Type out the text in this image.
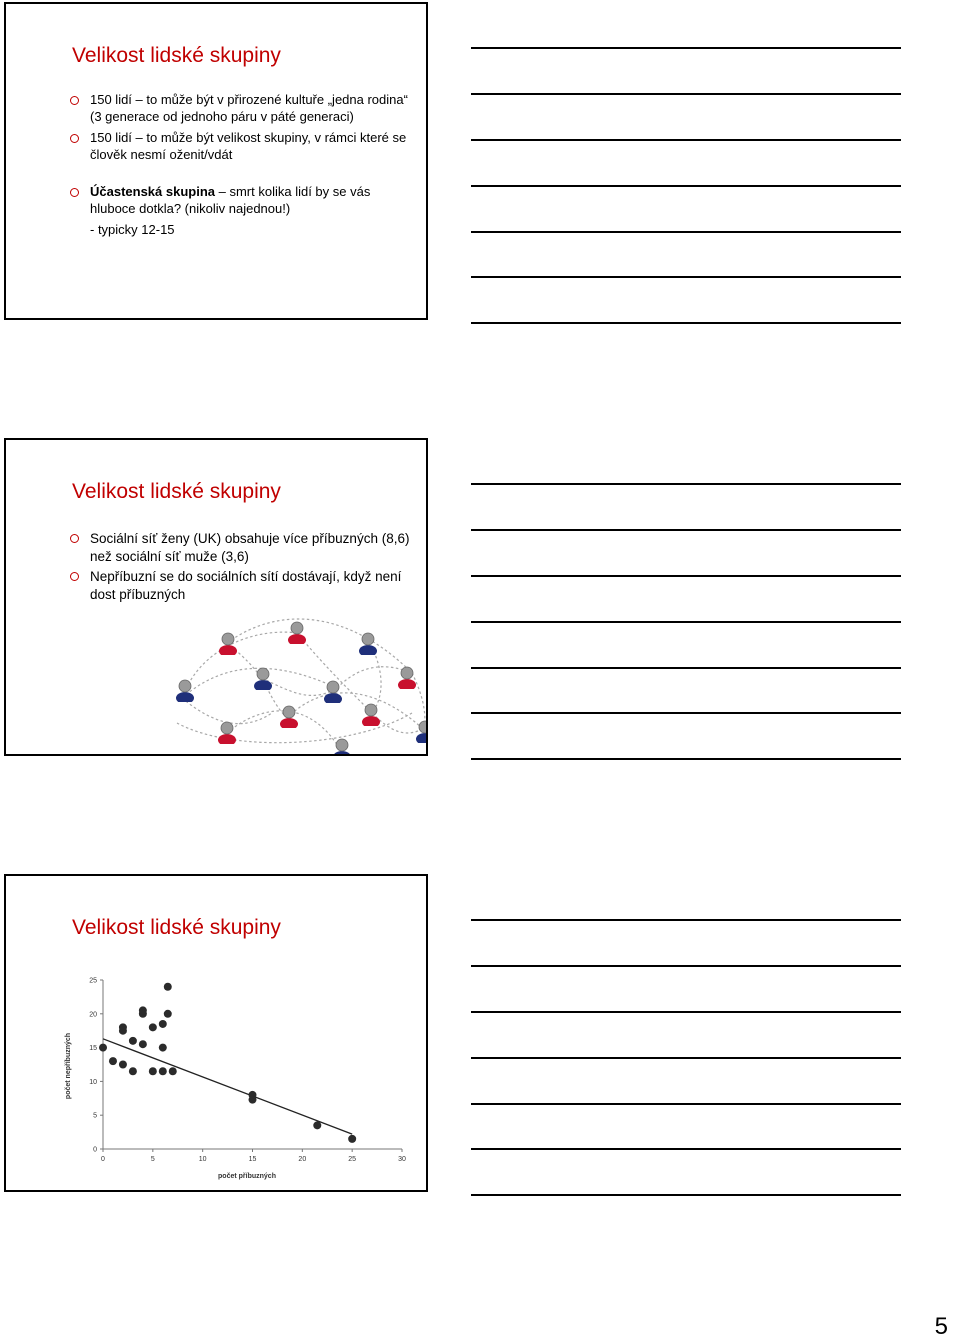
Velikost lidské skupiny
150 lidí – to může být v přirozené kultuře „jedna rodina“ (3 generace od jednoho páru v páté generaci)
150 lidí – to může být velikost skupiny, v rámci které se člověk nesmí oženit/vdát
Účastenská skupina – smrt kolika lidí by se vás hluboce dotkla? (nikoliv najednou!)
- typicky 12-15
Velikost lidské skupiny
Sociální síť ženy (UK) obsahuje více příbuzných (8,6) než sociální síť muže (3,6)
Nepříbuzní se do sociálních sítí dostávají, když není dost příbuzných
Velikost lidské skupiny
0	5	10	15	20	25	30
0
5
10
15
20
25
počet příbuzných
počet nepříbuzných
5
